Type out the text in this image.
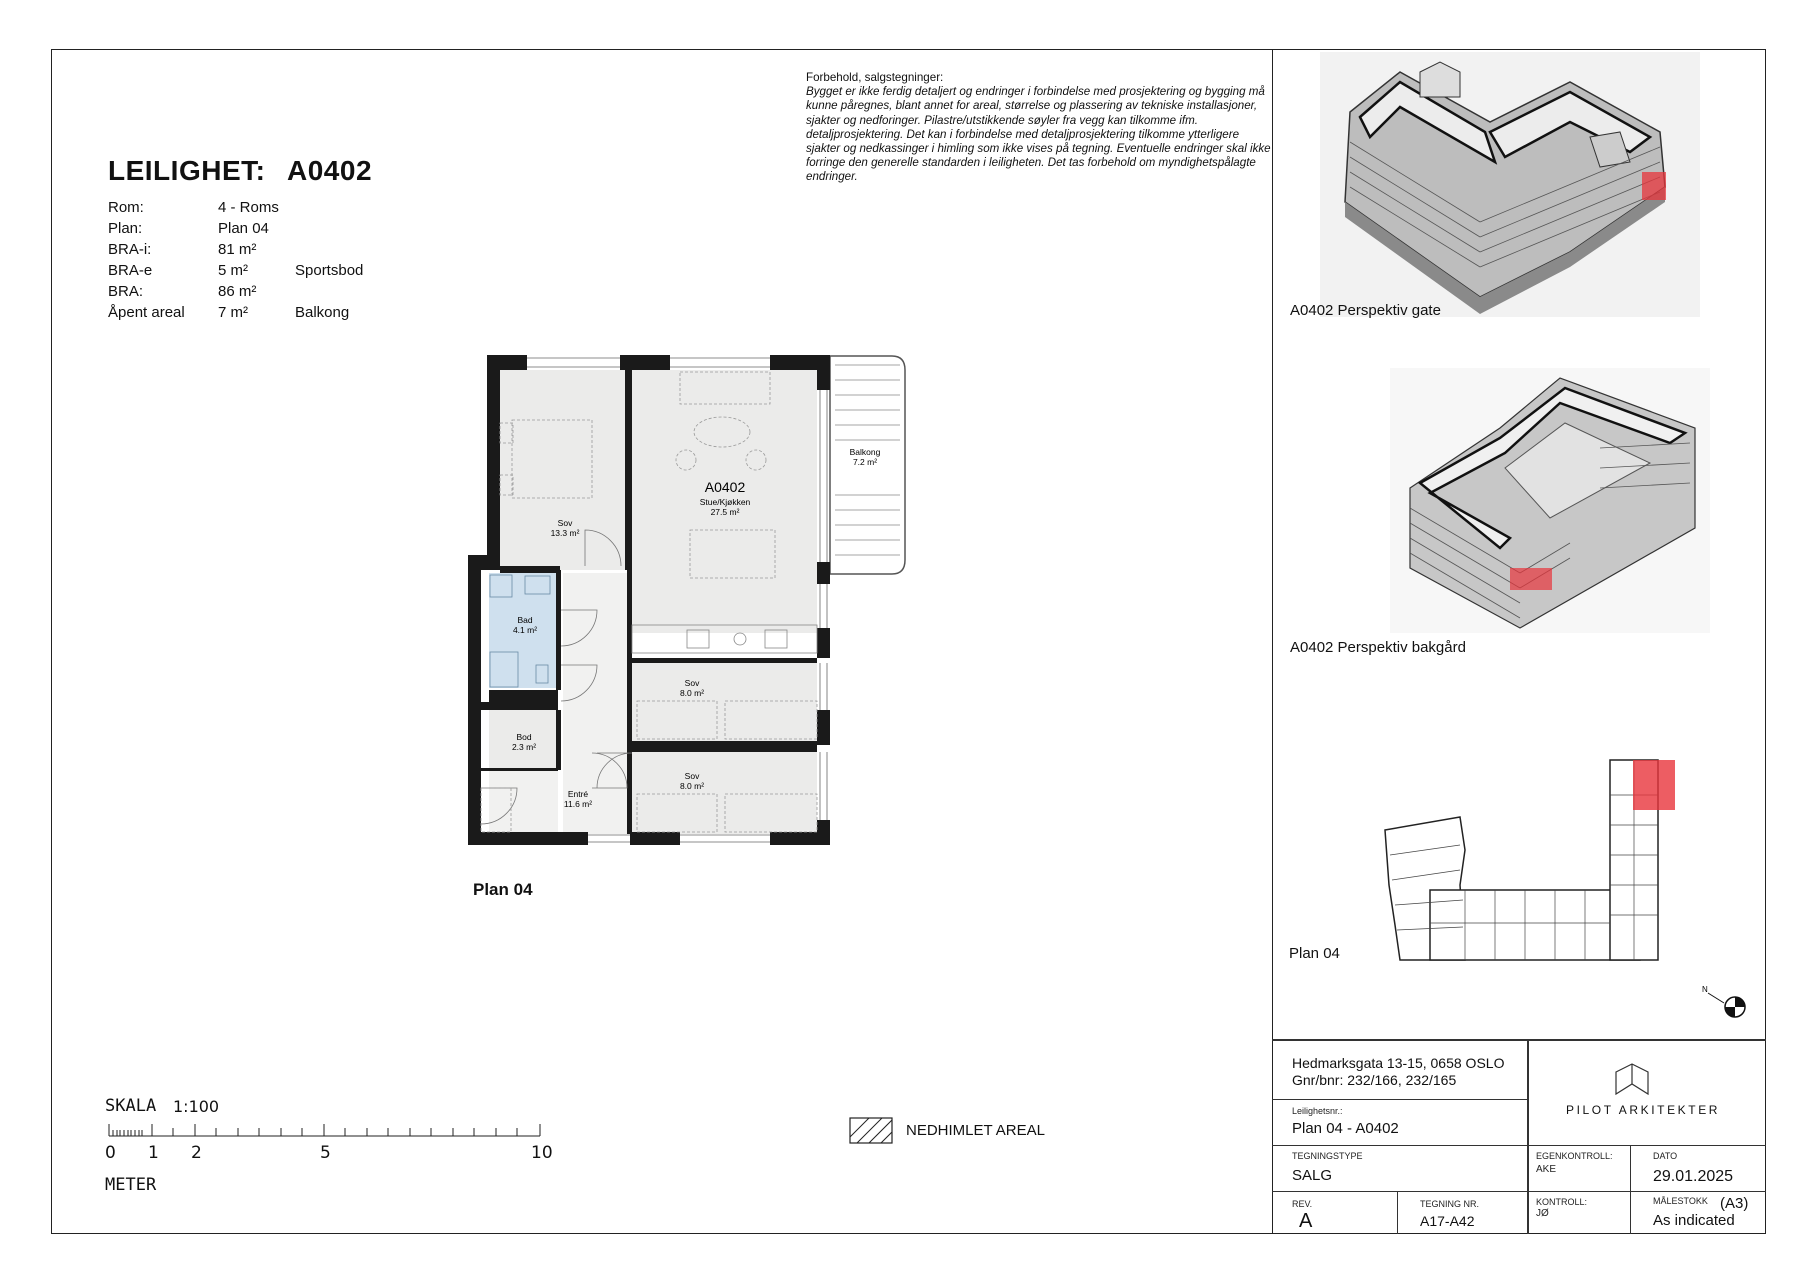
LEILIGHET: A0402
Rom:	4 - Roms
Plan:	Plan 04
BRA-i:	81 m²
BRA-e	5 m²	Sportsbod
BRA:	86 m²
Åpent areal 7 m²	Balkong
Forbehold, salgstegninger:
Bygget er ikke ferdig detaljert og endringer i forbindelse med prosjektering og bygging må kunne påregnes, blant annet for areal, størrelse og plassering av tekniske installasjoner, sjakter og nedforinger. Pilastre/utstikkende søyler fra vegg kan tilkomme ifm. detaljprosjektering. Det kan i forbindelse med detaljprosjektering tilkomme ytterligere sjakter og nedkassinger i himling som ikke vises på tegning. Eventuelle endringer skal ikke forringe den generelle standarden i leiligheten. Det tas forbehold om myndighetspålagte endringer.
A0402
Stue/Kjøkken
27.5 m²
Balkong
7.2 m²
Sov
13.3 m²
Bad
4.1 m²
Sov
8.0 m²
Bod
2.3 m²
Sov
8.0 m²
Entré
11.6 m²
Plan 04
SKALA 1:100
0 1 2	5	10
METER
NEDHIMLET AREAL
A0402 Perspektiv gate
A0402 Perspektiv bakgård
Plan 04
N
Hedmarksgata 13-15, 0658 OSLO
Gnr/bnr: 232/166, 232/165
Leilighetsnr.:
Plan 04 - A0402
PILOT ARKITEKTER
TEGNINGSTYPE
SALG
EGENKONTROLL:
AKE
DATO
29.01.2025
REV.
A
TEGNING NR.
A17-A42
KONTROLL:
JØ
MÅLESTOKK (A3)
As indicated
